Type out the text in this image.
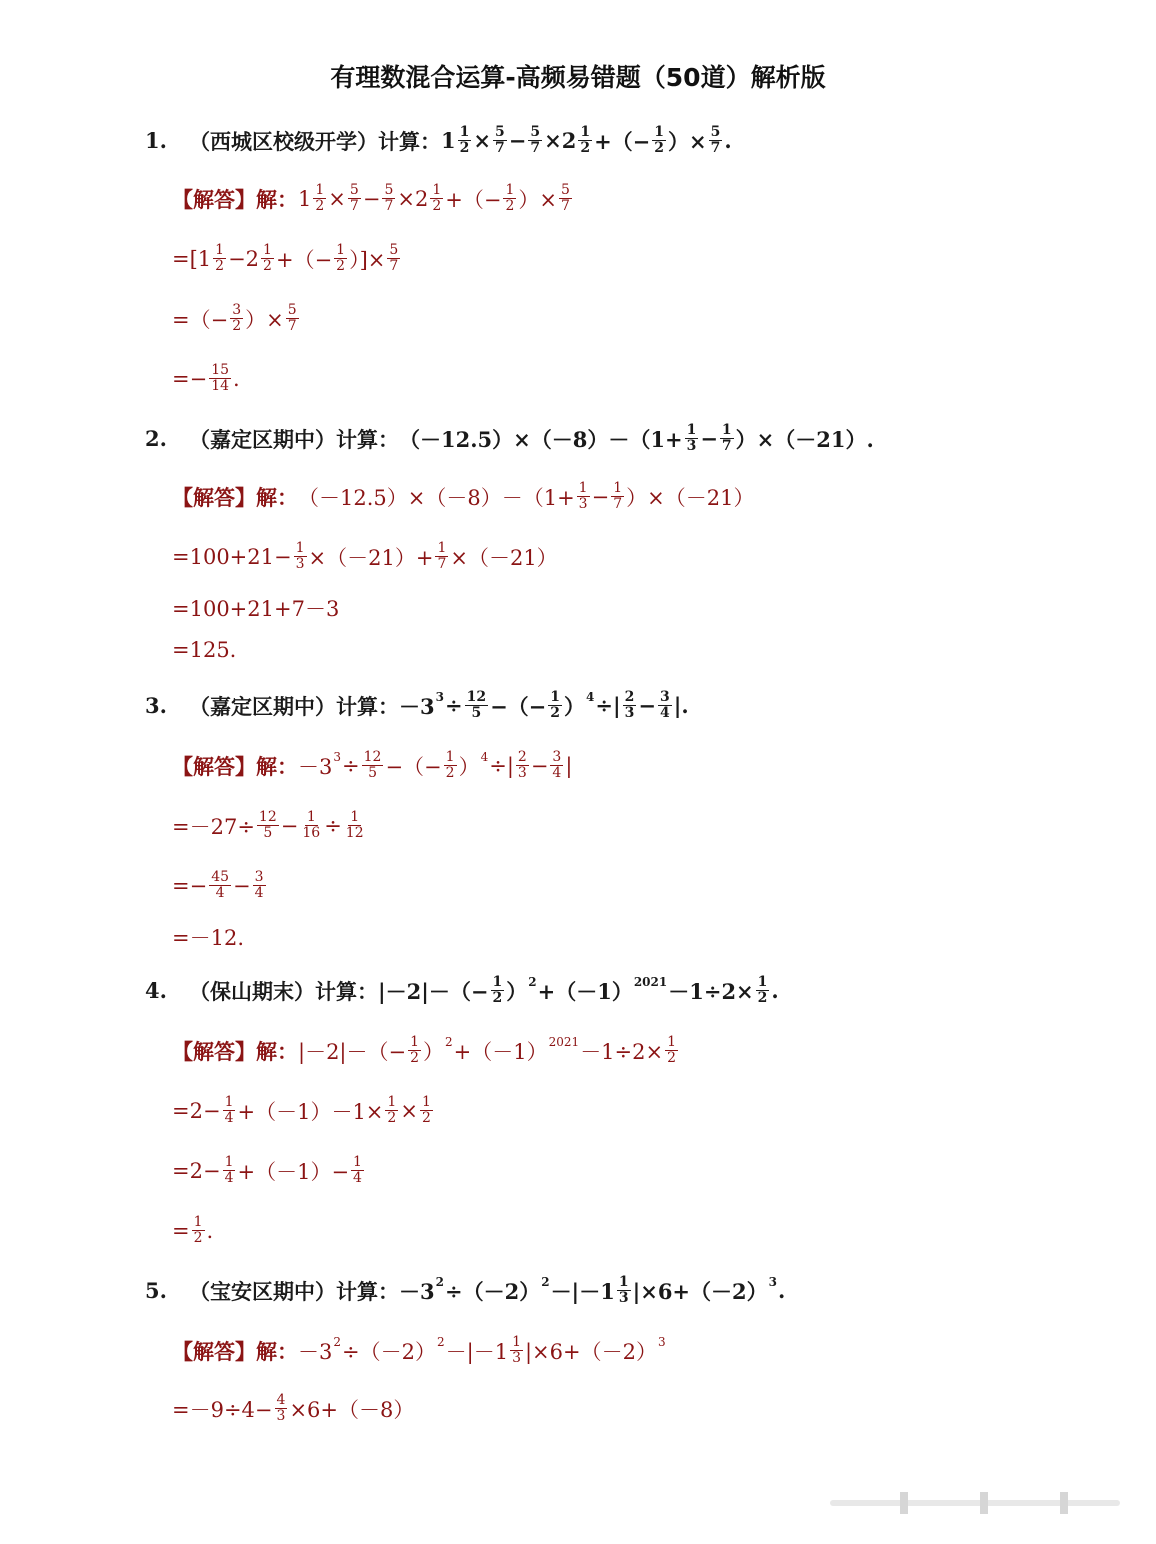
有理数混合运算-高频易错题（50道）解析版
1.	（西城区校级开学）计算： $1 \frac{1}{2} \times \frac{5}{7} - \frac{5}{7} \times 2 \frac{1}{2}$ +（− $\frac{1}{2}$ ）× $\frac{5}{7}$ .
【解答】解： $1 \frac{1}{2} \times \frac{5}{7} - \frac{5}{7} \times 2 \frac{1}{2}$ +（− $\frac{1}{2}$ ）× $\frac{5}{7}$
$=[1 \frac{1}{2} -2 \frac{1}{2}$ +（− $\frac{1}{2}$ ）]× $\frac{5}{7}$
=（− $\frac{3}{2}$ ）× $\frac{5}{7}$
=− $\frac{15}{14}$ .
2.	（嘉定区期中）计算： $(-12.5)\times(-8)-(1+ \frac{1}{3} - \frac{1}{7} )\times(-21)$.
【解答】解： $(-12.5)\times(-8)-(1+ \frac{1}{3} - \frac{1}{7} )\times(-21)$
$=100+21- \frac{1}{3} \times(-21)+ \frac{1}{7} \times(-21)$
=100+21+7－3
=125.
3.	（嘉定区期中）计算： －3 $3 \div \frac{12}{5}$ −（− $\frac{1}{2}$ ） 4 ÷| $\frac{2}{3} - \frac{3}{4}$ |.
【解答】解： －3 $3 \div \frac{12}{5}$ −（− $\frac{1}{2}$ ） 4 ÷| $\frac{2}{3} - \frac{3}{4}$ |
$=-27\div \frac{12}{5} - \frac{1}{16} \div \frac{1}{12}$
=− $\frac{45}{4} - \frac{3}{4}$
=－12.
4.	（保山期末）计算： $|-2|-(- \frac{1}{2}$ ） 2 +（－1） $2021 -1\div 2\times \frac{1}{2}$ .
【解答】解： $|-2|-(- \frac{1}{2}$ ） 2 +（－1） $2021 -1\div 2\times \frac{1}{2}$
$=2- \frac{1}{4} +(-1)-1\times \frac{1}{2} \times \frac{1}{2}$
$=2- \frac{1}{4} +(-1)- \frac{1}{4}$
= $\frac{1}{2}$ .
5.	（宝安区期中）计算： －3 2 ÷（－2） $2 -|-1 \frac{1}{3} |\times 6+(-2)$ 3 .
【解答】解： －3 2 ÷（－2） $2 -|-1 \frac{1}{3} |\times 6+(-2)$ 3
$=-9\div 4- \frac{4}{3} \times 6+(-8)$
